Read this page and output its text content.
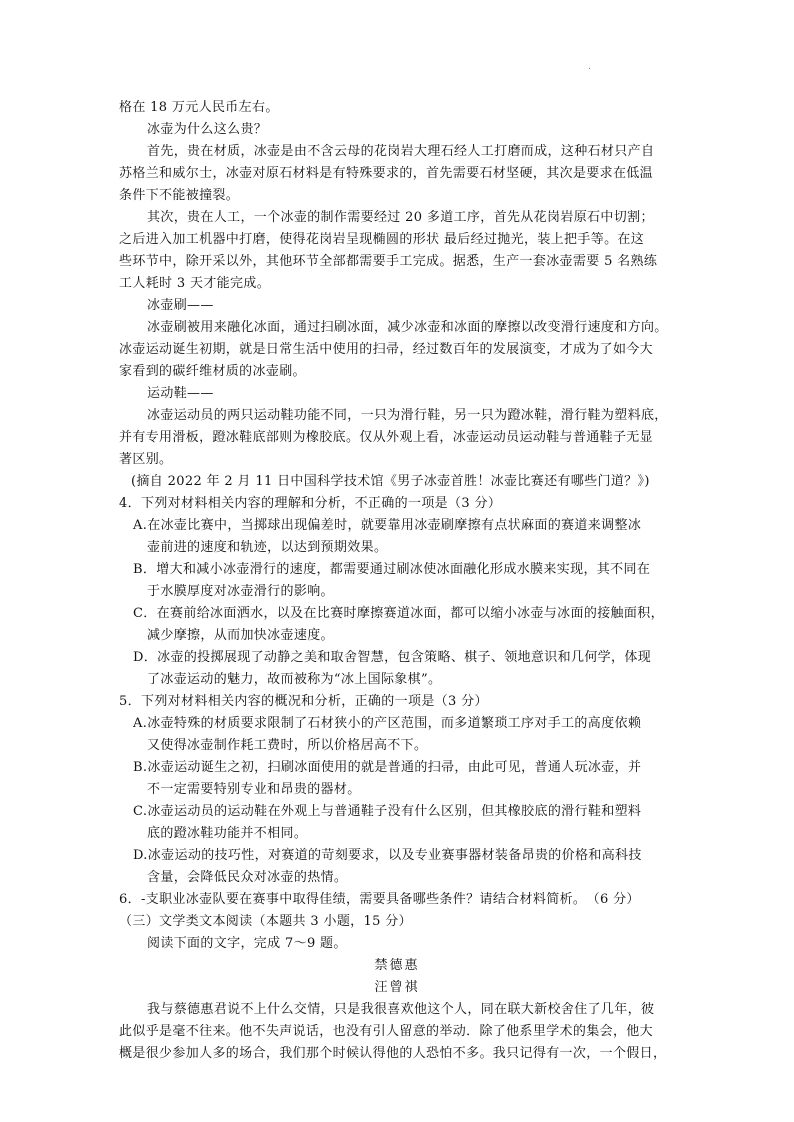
.
格在 18 万元人民币左右。
冰壶为什么这么贵？
首先，贵在材质，冰壶是由不含云母的花岗岩大理石经人工打磨而成，这种石材只产自
苏格兰和威尔士，冰壶对原石材料是有特殊要求的，首先需要石材坚硬，其次是要求在低温
条件下不能被撞裂。
其次，贵在人工，一个冰壶的制作需要经过 20 多道工序，首先从花岗岩原石中切割；
之后进入加工机器中打磨，使得花岗岩呈现椭圆的形状 最后经过抛光，装上把手等。在这
些环节中，除开采以外，其他环节全部都需要手工完成。据悉，生产一套冰壶需要 5 名熟练
工人耗时 3 天才能完成。
冰壶刷——
冰壶刷被用来融化冰面，通过扫刷冰面，减少冰壶和冰面的摩擦以改变滑行速度和方向。
冰壶运动诞生初期，就是日常生活中使用的扫帚，经过数百年的发展演变，才成为了如今大
家看到的碳纤维材质的冰壶刷。
运动鞋——
冰壶运动员的两只运动鞋功能不同，一只为滑行鞋，另一只为蹬冰鞋，滑行鞋为塑料底，
并有专用滑板，蹬冰鞋底部则为橡胶底。仅从外观上看，冰壶运动员运动鞋与普通鞋子无显
著区别。
(摘自 2022 年 2 月 11 日中国科学技术馆《男子冰壶首胜！冰壶比赛还有哪些门道？》)
4．下列对材料相关内容的理解和分析，不正确的一项是（3 分）
A.在冰壶比赛中，当掷球出现偏差时，就要靠用冰壶刷摩擦有点状麻面的赛道来调整冰
壶前进的速度和轨迹，以达到预期效果。
B．增大和减小冰壶滑行的速度，都需要通过刷冰使冰面融化形成水膜来实现，其不同在
于水膜厚度对冰壶滑行的影响。
C．在赛前给冰面洒水，以及在比赛时摩擦赛道冰面，都可以缩小冰壶与冰面的接触面积，
减少摩擦，从而加快冰壶速度。
D．冰壶的投掷展现了动静之美和取舍智慧，包含策略、棋子、领地意识和几何学，体现
了冰壶运动的魅力，故而被称为“冰上国际象棋”。
5．下列对材料相关内容的概况和分析，正确的一项是（3 分）
A.冰壶特殊的材质要求限制了石材狭小的产区范围，而多道繁琐工序对手工的高度依赖
又使得冰壶制作耗工费时，所以价格居高不下。
B.冰壶运动诞生之初，扫刷冰面使用的就是普通的扫帚，由此可见，普通人玩冰壶，并
不一定需要特别专业和昂贵的器材。
C.冰壶运动员的运动鞋在外观上与普通鞋子没有什么区别，但其橡胶底的滑行鞋和塑料
底的蹬冰鞋功能并不相同。
D.冰壶运动的技巧性，对赛道的苛刻要求，以及专业赛事器材装备昂贵的价格和高科技
含量，会降低民众对冰壶的热情。
6．-支职业冰壶队要在赛事中取得佳绩，需要具备哪些条件？请结合材料简析。　（6 分）
（三）文学类文本阅读（本题共 3 小题，15 分）
阅读下面的文字，完成 7～9 题。
禁德惠
汪曾祺
我与蔡德惠君说不上什么交情，只是我很喜欢他这个人，同在联大新校舍住了几年，彼
此似乎是毫不往来。他不失声说话，也没有引人留意的举动．除了他系里学术的集会，他大
概是很少参加人多的场合，我们那个时候认得他的人恐怕不多。我只记得有一次，一个假日，
